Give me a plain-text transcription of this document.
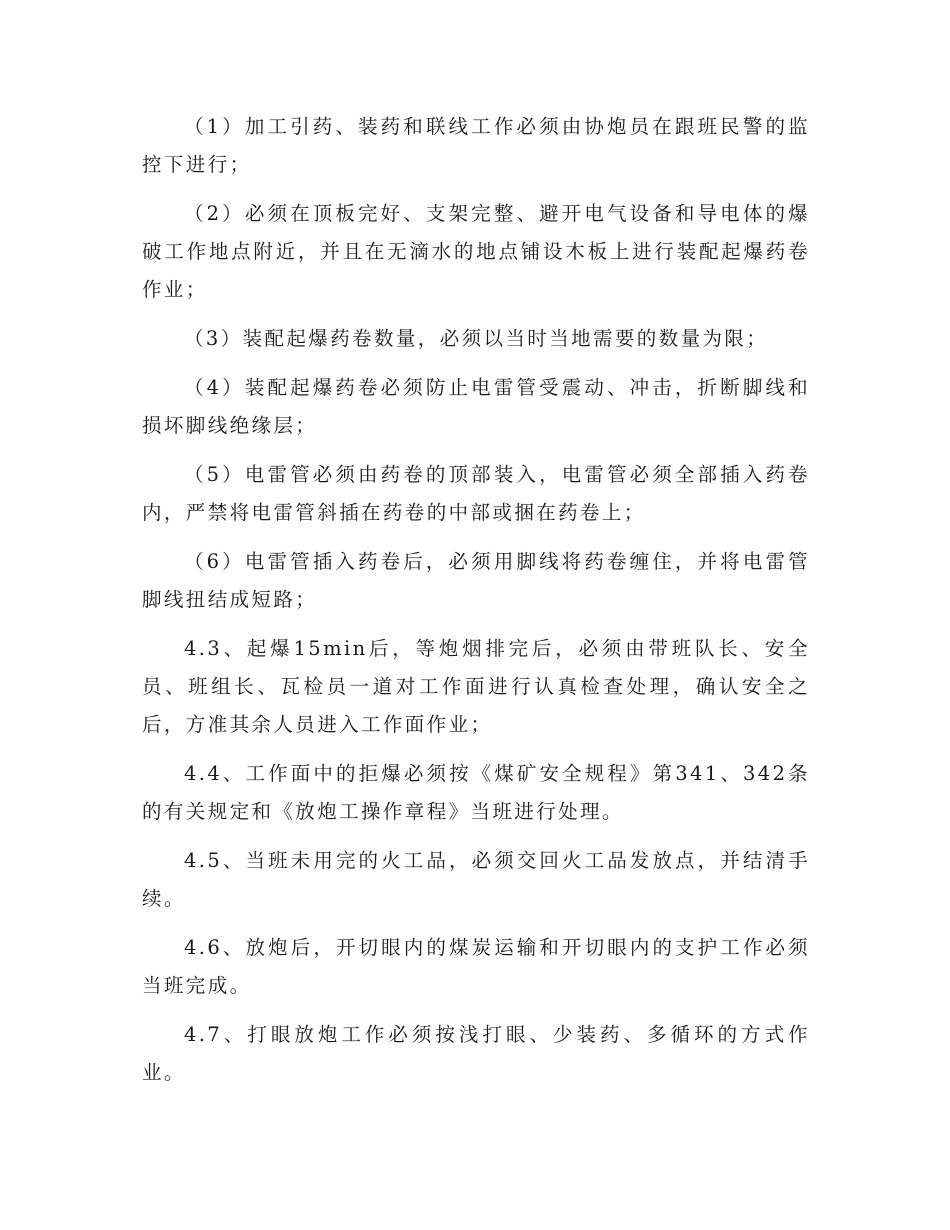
（1）加工引药、装药和联线工作必须由协炮员在跟班民警的监控下进行；

（2）必须在顶板完好、支架完整、避开电气设备和导电体的爆破工作地点附近，并且在无滴水的地点铺设木板上进行装配起爆药卷作业；

（3）装配起爆药卷数量，必须以当时当地需要的数量为限；

（4）装配起爆药卷必须防止电雷管受震动、冲击，折断脚线和损坏脚线绝缘层；

（5）电雷管必须由药卷的顶部装入，电雷管必须全部插入药卷内，严禁将电雷管斜插在药卷的中部或捆在药卷上；

（6）电雷管插入药卷后，必须用脚线将药卷缠住，并将电雷管脚线扭结成短路；

4.3、起爆15min后，等炮烟排完后，必须由带班队长、安全员、班组长、瓦检员一道对工作面进行认真检查处理，确认安全之后，方准其余人员进入工作面作业；

4.4、工作面中的拒爆必须按《煤矿安全规程》第341、342条的有关规定和《放炮工操作章程》当班进行处理。

4.5、当班未用完的火工品，必须交回火工品发放点，并结清手续。

4.6、放炮后，开切眼内的煤炭运输和开切眼内的支护工作必须当班完成。

4.7、打眼放炮工作必须按浅打眼、少装药、多循环的方式作业。
